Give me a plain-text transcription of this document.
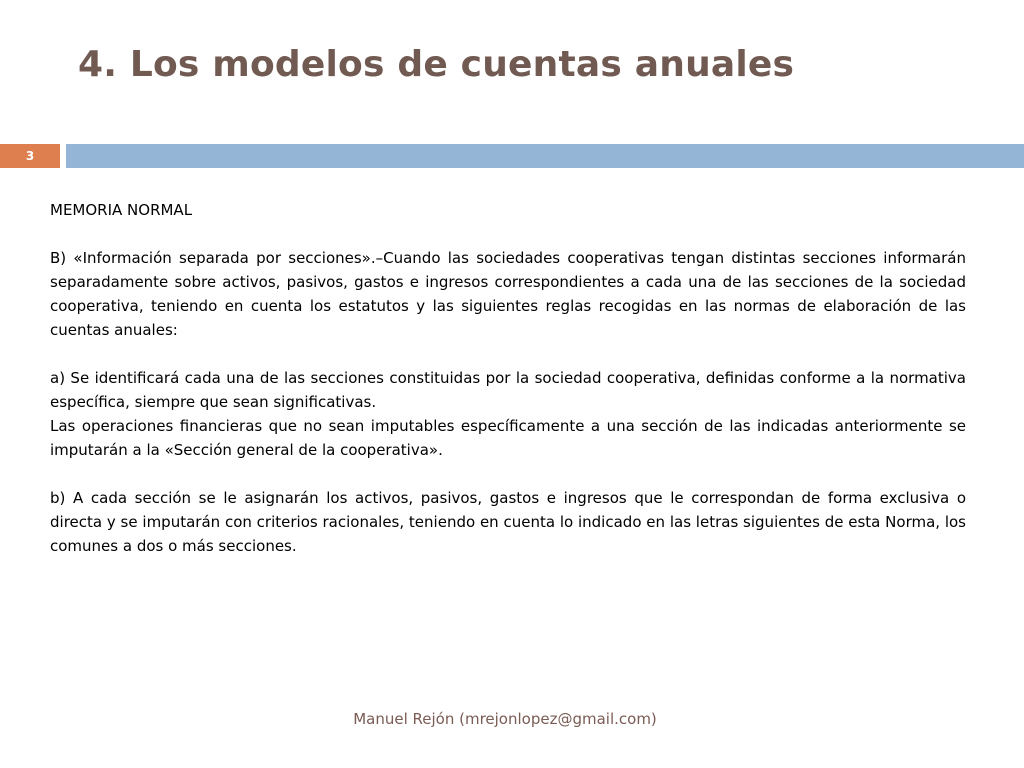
4. Los modelos de cuentas anuales
3

MEMORIA NORMAL

B) «Información separada por secciones».–Cuando las sociedades cooperativas tengan distintas secciones informarán separadamente sobre activos, pasivos, gastos e ingresos correspondientes a cada una de las secciones de la sociedad cooperativa, teniendo en cuenta los estatutos y las siguientes reglas recogidas en las normas de elaboración de las cuentas anuales:

a) Se identificará cada una de las secciones constituidas por la sociedad cooperativa, definidas conforme a la normativa específica, siempre que sean significativas.

Las operaciones financieras que no sean imputables específicamente a una sección de las indicadas anteriormente se imputarán a la «Sección general de la cooperativa».

b) A cada sección se le asignarán los activos, pasivos, gastos e ingresos que le correspondan de forma exclusiva o directa y se imputarán con criterios racionales, teniendo en cuenta lo indicado en las letras siguientes de esta Norma, los comunes a dos o más secciones.

Manuel Rejón (mrejonlopez@gmail.com)
